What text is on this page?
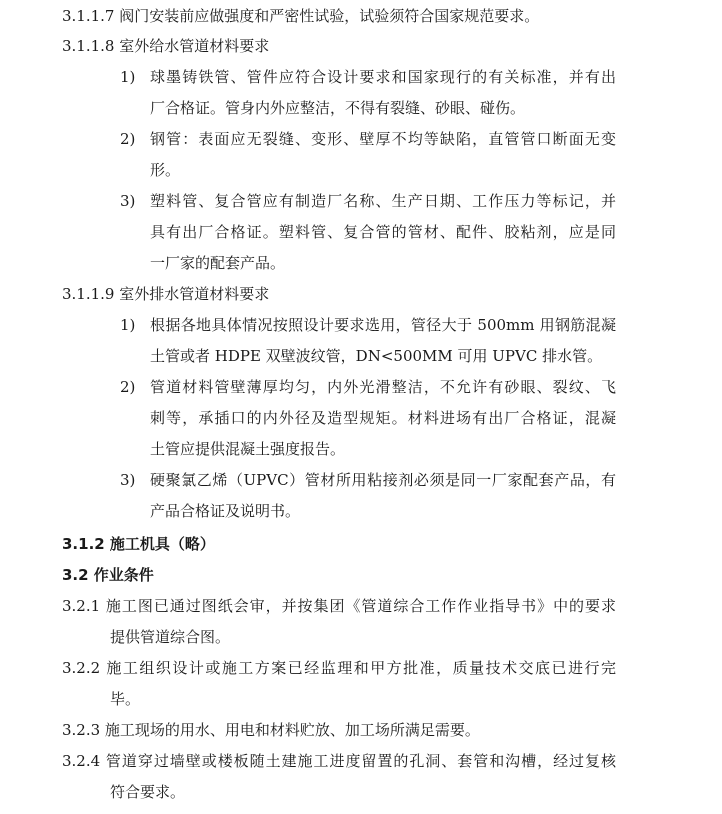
3.1.1.7 阀门安装前应做强度和严密性试验，试验须符合国家规范要求。
3.1.1.8 室外给水管道材料要求
1) 球墨铸铁管、管件应符合设计要求和国家现行的有关标准，并有出
厂合格证。管身内外应整洁，不得有裂缝、砂眼、碰伤。
2) 钢管：表面应无裂缝、变形、壁厚不均等缺陷，直管管口断面无变
形。
3) 塑料管、复合管应有制造厂名称、生产日期、工作压力等标记，并
具有出厂合格证。塑料管、复合管的管材、配件、胶粘剂，应是同
一厂家的配套产品。
3.1.1.9 室外排水管道材料要求
1) 根据各地具体情况按照设计要求选用，管径大于 500mm 用钢筋混凝
土管或者 HDPE 双壁波纹管，DN<500MM 可用 UPVC 排水管。
2) 管道材料管壁薄厚均匀，内外光滑整洁，不允许有砂眼、裂纹、飞
刺等，承插口的内外径及造型规矩。材料进场有出厂合格证，混凝
土管应提供混凝土强度报告。
3) 硬聚氯乙烯（UPVC）管材所用粘接剂必须是同一厂家配套产品，有
产品合格证及说明书。
3.1.2 施工机具（略）
3.2 作业条件
3.2.1 施工图已通过图纸会审，并按集团《管道综合工作作业指导书》中的要求
提供管道综合图。
3.2.2 施工组织设计或施工方案已经监理和甲方批准，质量技术交底已进行完
毕。
3.2.3 施工现场的用水、用电和材料贮放、加工场所满足需要。
3.2.4 管道穿过墙壁或楼板随土建施工进度留置的孔洞、套管和沟槽，经过复核
符合要求。
